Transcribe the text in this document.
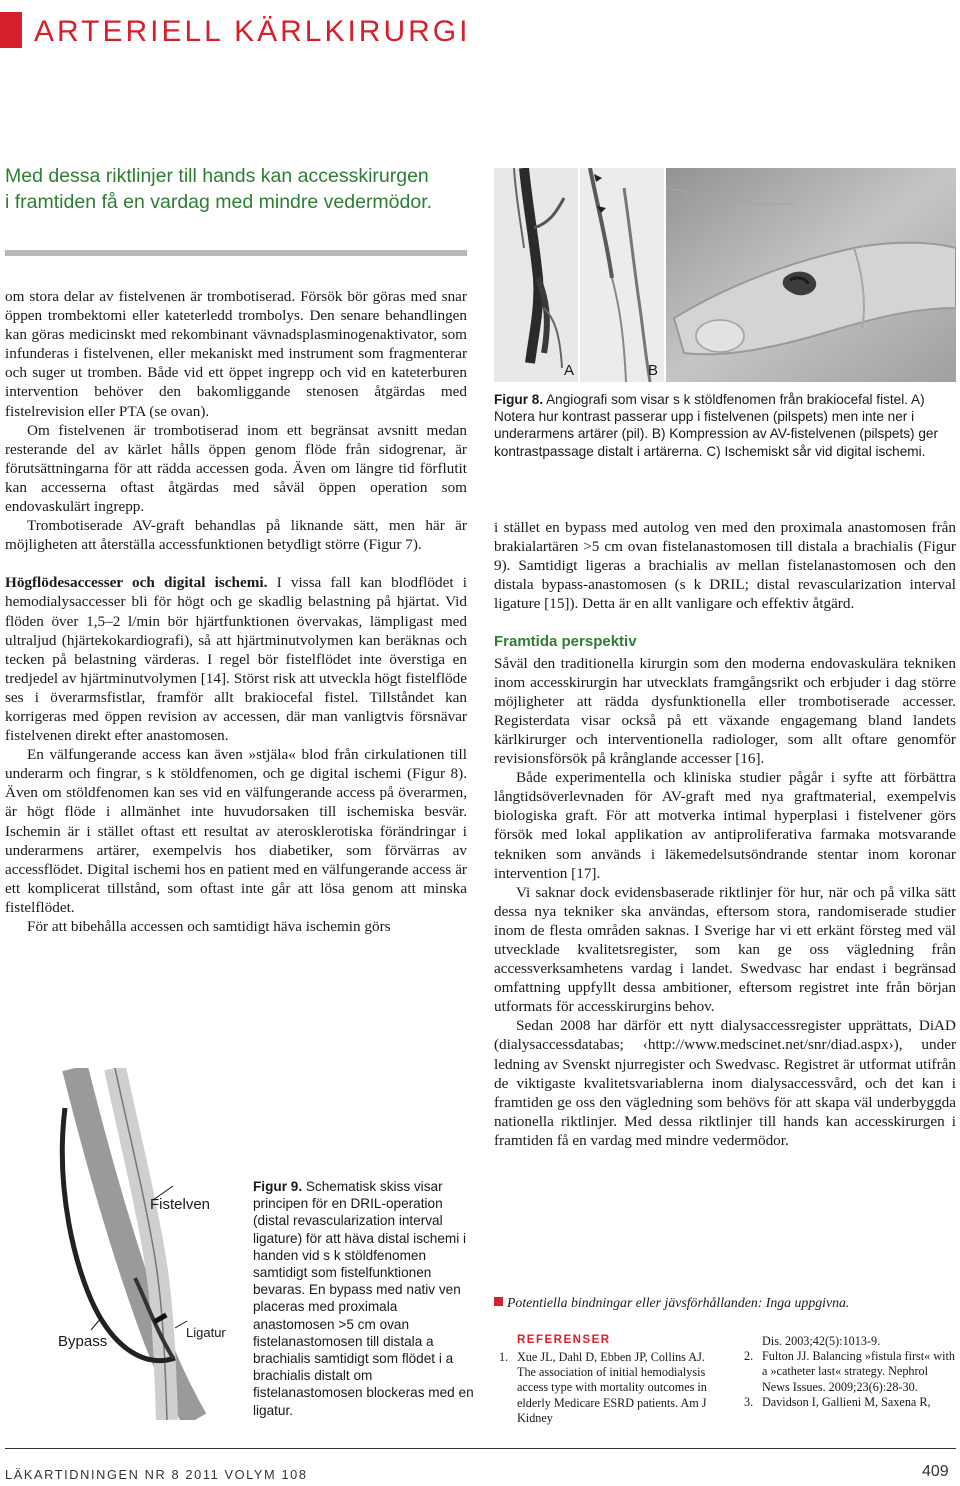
ARTERIELL KÄRLKIRURGI
Med dessa riktlinjer till hands kan accesskirurgen i framtiden få en vardag med mindre vedermödor.

om stora delar av fistelvenen är trombotiserad. Försök bör göras med snar öppen trombektomi eller kateterledd trombolys. Den senare behandlingen kan göras medicinskt med rekombinant vävnadsplasminogenaktivator, som infunderas i fistelvenen, eller mekaniskt med instrument som fragmenterar och suger ut tromben. Både vid ett öppet ingrepp och vid en kateterburen intervention behöver den bakomliggande stenosen åtgärdas med fistelrevision eller PTA (se ovan).

Om fistelvenen är trombotiserad inom ett begränsat avsnitt medan resterande del av kärlet hålls öppen genom flöde från sidogrenar, är förutsättningarna för att rädda accessen goda. Även om längre tid förflutit kan accesserna oftast åtgärdas med såväl öppen operation som endovaskulärt ingrepp.

Trombotiserade AV-graft behandlas på liknande sätt, men här är möjligheten att återställa accessfunktionen betydligt större (Figur 7).

Högflödesaccesser och digital ischemi. I vissa fall kan blodflödet i hemodialysaccesser bli för högt och ge skadlig belastning på hjärtat. Vid flöden över 1,5–2 l/min bör hjärtfunktionen övervakas, lämpligast med ultraljud (hjärtekokardiografi), så att hjärtminutvolymen kan beräknas och tecken på belastning värderas. I regel bör fistelflödet inte överstiga en tredjedel av hjärtminutvolymen [14]. Störst risk att utveckla högt fistelflöde ses i överarmsfistlar, framför allt brakiocefal fistel. Tillståndet kan korrigeras med öppen revision av accessen, där man vanligtvis försnävar fistelvenen direkt efter anastomosen.

En välfungerande access kan även »stjäla« blod från cirkulationen till underarm och fingrar, s k stöldfenomen, och ge digital ischemi (Figur 8). Även om stöldfenomen kan ses vid en välfungerande access på överarmen, är högt flöde i allmänhet inte huvudorsaken till ischemiska besvär. Ischemin är i stället oftast ett resultat av aterosklerotiska förändringar i underarmens artärer, exempelvis hos diabetiker, som förvärras av accessflödet. Digital ischemi hos en patient med en välfungerande access är ett komplicerat tillstånd, som oftast inte går att lösa genom att minska fistelflödet.

För att bibehålla accessen och samtidigt häva ischemin görs

A	B
Figur 8. Angiografi som visar s k stöldfenomen från brakiocefal fistel. A) Notera hur kontrast passerar upp i fistelvenen (pilspets) men inte ner i underarmens artärer (pil). B) Kompression av AV-fistelvenen (pilspets) ger kontrastpassage distalt i artärerna. C) Ischemiskt sår vid digital ischemi.

i stället en bypass med autolog ven med den proximala anastomosen från brakialartären >5 cm ovan fistelanastomosen till distala a brachialis (Figur 9). Samtidigt ligeras a brachialis av mellan fistelanastomosen och den distala bypass-anastomosen (s k DRIL; distal revascularization interval ligature [15]). Detta är en allt vanligare och effektiv åtgärd.

Framtida perspektiv

Såväl den traditionella kirurgin som den moderna endovaskulära tekniken inom accesskirurgin har utvecklats framgångsrikt och erbjuder i dag större möjligheter att rädda dysfunktionella eller trombotiserade accesser. Registerdata visar också på ett växande engagemang bland landets kärlkirurger och interventionella radiologer, som allt oftare genomför revisionsförsök på krånglande accesser [16].

Både experimentella och kliniska studier pågår i syfte att förbättra långtidsöverlevnaden för AV-graft med nya graftmaterial, exempelvis biologiska graft. För att motverka intimal hyperplasi i fistelvener görs försök med lokal applikation av antiproliferativa farmaka motsvarande tekniken som används i läkemedelsutsöndrande stentar inom koronar intervention [17].

Vi saknar dock evidensbaserade riktlinjer för hur, när och på vilka sätt dessa nya tekniker ska användas, eftersom stora, randomiserade studier inom de flesta områden saknas. I Sverige har vi ett erkänt försteg med väl utvecklade kvalitetsregister, som kan ge oss vägledning från accessverksamhetens vardag i landet. Swedvasc har endast i begränsad omfattning uppfyllt dessa ambitioner, eftersom registret inte från början utformats för accesskirurgins behov.

Sedan 2008 har därför ett nytt dialysaccessregister upprättats, DiAD (dialysaccessdatabas; ‹http://www.medscinet.net/snr/diad.aspx›), under ledning av Svenskt njurregister och Swedvasc. Registret är utformat utifrån de viktigaste kvalitetsvariablerna inom dialysaccessvård, och det kan i framtiden ge oss den vägledning som behövs för att skapa väl underbyggda nationella riktlinjer. Med dessa riktlinjer till hands kan accesskirurgen i framtiden få en vardag med mindre vedermödor.

Fistelven
Ligatur
Bypass
Figur 9. Schematisk skiss visar principen för en DRIL-operation (distal revascularization interval ligature) för att häva distal ischemi i handen vid s k stöldfenomen samtidigt som fistelfunktionen bevaras. En bypass med nativ ven placeras med proximala anastomosen >5 cm ovan fistelanastomosen till distala a brachialis samtidigt som flödet i a brachialis distalt om fistelanastomosen blockeras med en ligatur.
Potentiella bindningar eller jävsförhållanden: Inga uppgivna.
REFERENSER

1. Xue JL, Dahl D, Ebben JP, Collins AJ. The association of initial hemodialysis access type with mortality outcomes in elderly Medicare ESRD patients. Am J Kidney

Dis. 2003;42(5):1013-9.

2. Fulton JJ. Balancing »fistula first« with a »catheter last« strategy. Nephrol News Issues. 2009;23(6):28-30.

3. Davidson I, Gallieni M, Saxena R,

LÄKARTIDNINGEN NR 8 2011 VOLYM 108	409
